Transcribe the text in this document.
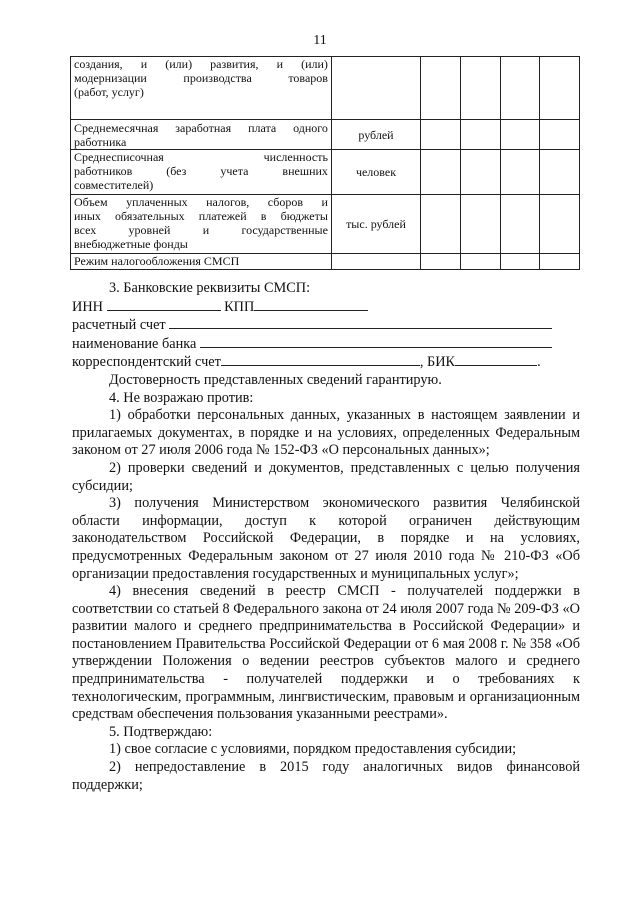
11
создания, и (или) развития, и (или)
модернизации производства товаров

(работ, услуг)					

Среднемесячная заработная плата одного

работника	рублей				
Среднесписочная численность
работников (без учета внешних

совместителей)	человек				
Объем уплаченных налогов, сборов и
иных обязательных платежей в бюджеты
всех уровней и государственные

внебюджетные фонды	тыс. рублей				
Режим налогообложения СМСП					
3. Банковские реквизиты СМСП:
ИНН	КПП
расчетный счет
наименование банка
корреспондентский счет	, БИК	.
Достоверность представленных сведений гарантирую.
4. Не возражаю против:
1) обработки персональных данных, указанных в настоящем заявлении и прилагаемых документах, в порядке и на условиях, определенных Федеральным законом от 27 июля 2006 года № 152-ФЗ «О персональных данных»;
2) проверки сведений и документов, представленных с целью получения субсидии;
3) получения Министерством экономического развития Челябинской области информации, доступ к которой ограничен действующим законодательством Российской Федерации, в порядке и на условиях, предусмотренных Федеральным законом от 27 июля 2010 года № 210-ФЗ «Об организации предоставления государственных и муниципальных услуг»;
4) внесения сведений в реестр СМСП - получателей поддержки в соответствии со статьей 8 Федерального закона от 24 июля 2007 года № 209-ФЗ «О развитии малого и среднего предпринимательства в Российской Федерации» и постановлением Правительства Российской Федерации от 6 мая 2008 г. № 358 «Об утверждении Положения о ведении реестров субъектов малого и среднего предпринимательства - получателей поддержки и о требованиях к технологическим, программным, лингвистическим, правовым и организационным средствам обеспечения пользования указанными реестрами».
5. Подтверждаю:
1) свое согласие с условиями, порядком предоставления субсидии;
2) непредоставление в 2015 году аналогичных видов финансовой поддержки;
